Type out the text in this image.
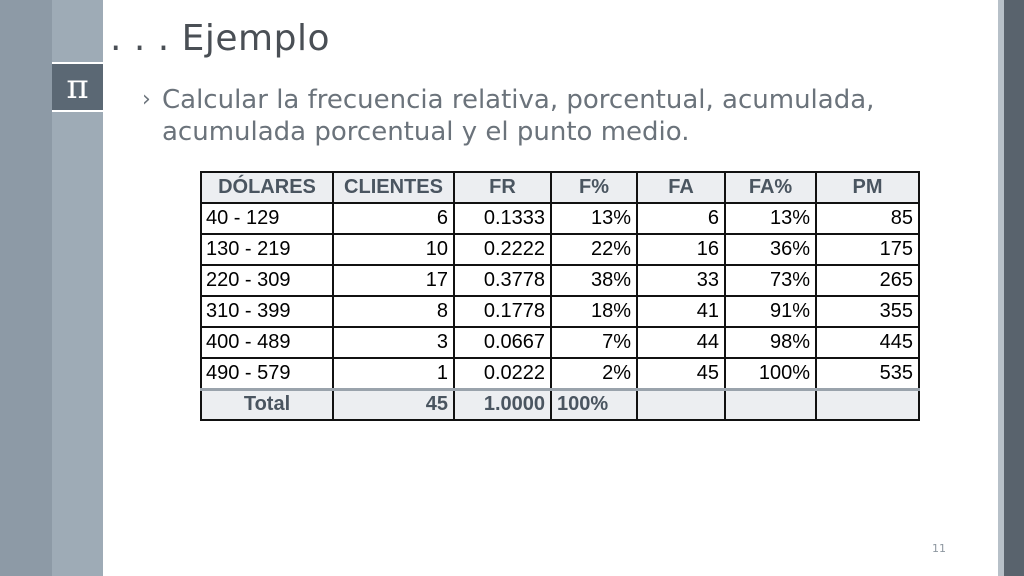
π
. . . Ejemplo
› Calcular la frecuencia relativa, porcentual, acumulada, acumulada porcentual y el punto medio.
DÓLARES	CLIENTES	FR	F%	FA	FA%	PM
40 - 129	6	0.1333	13%	6	13%	85
130 - 219	10	0.2222	22%	16	36%	175
220 - 309	17	0.3778	38%	33	73%	265
310 - 399	8	0.1778	18%	41	91%	355
400 - 489	3	0.0667	7%	44	98%	445
490 - 579	1	0.0222	2%	45	100%	535
Total	45	1.0000	100%			
11
